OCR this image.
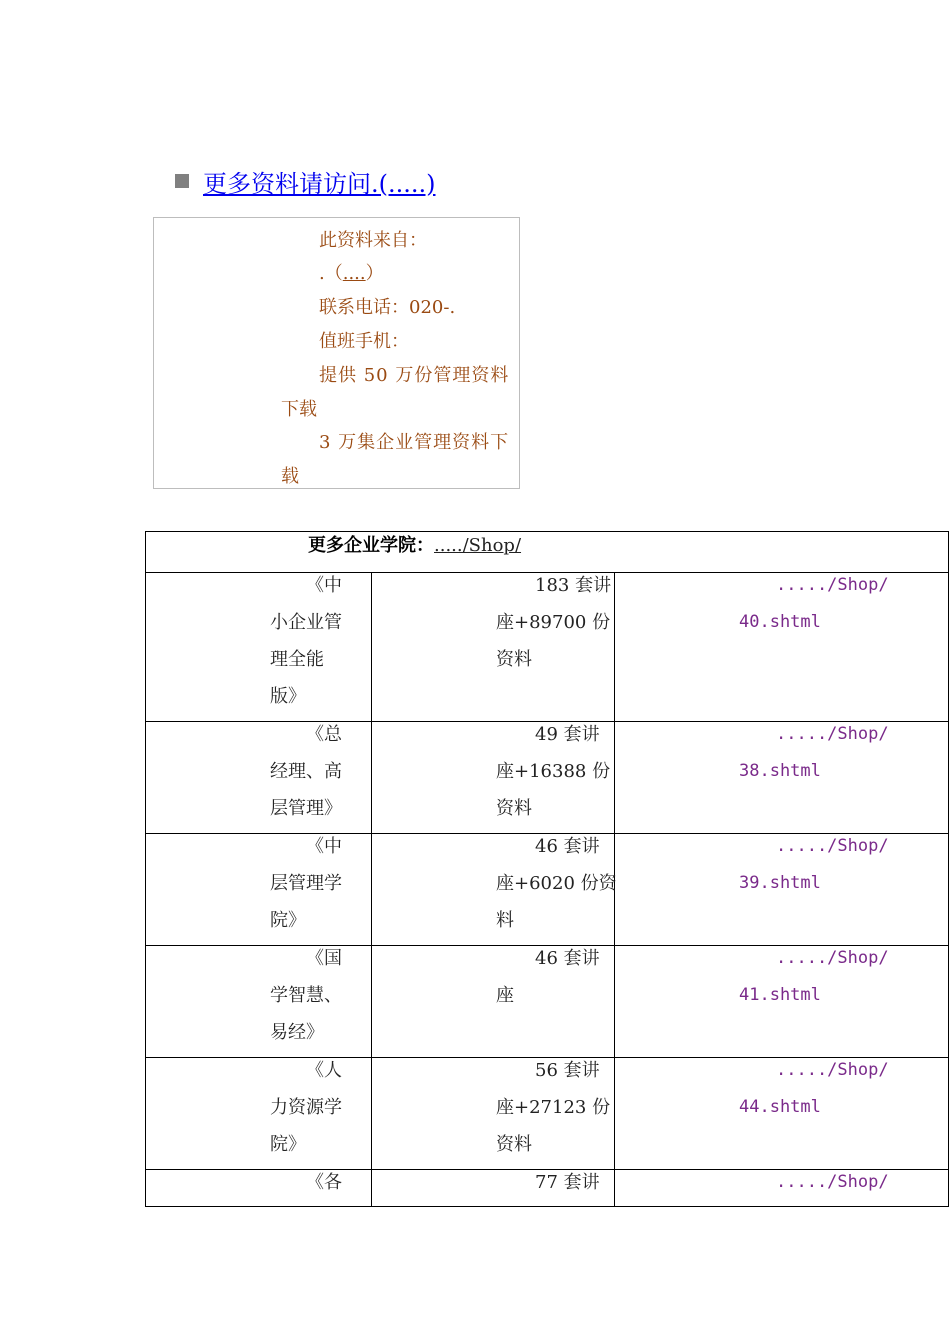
更多资料请访问.(.....)
此资料来自：
.（....）
联系电话：020-.
值班手机：
提供 50 万份管理资料
下载
3 万集企业管理资料下
载
更多企业学院：...../Shop/
《中
小企业管
理全能
版》
183 套讲
座+89700 份
资料
...../Shop/
40.shtml
《总
经理、高
层管理》
49 套讲
座+16388 份
资料
...../Shop/
38.shtml
《中
层管理学
院》
46 套讲
座+6020 份资
料
...../Shop/
39.shtml
《国
学智慧、
易经》
46 套讲
座
...../Shop/
41.shtml
《人
力资源学
院》
56 套讲
座+27123 份
资料
...../Shop/
44.shtml
《各	77 套讲	...../Shop/
